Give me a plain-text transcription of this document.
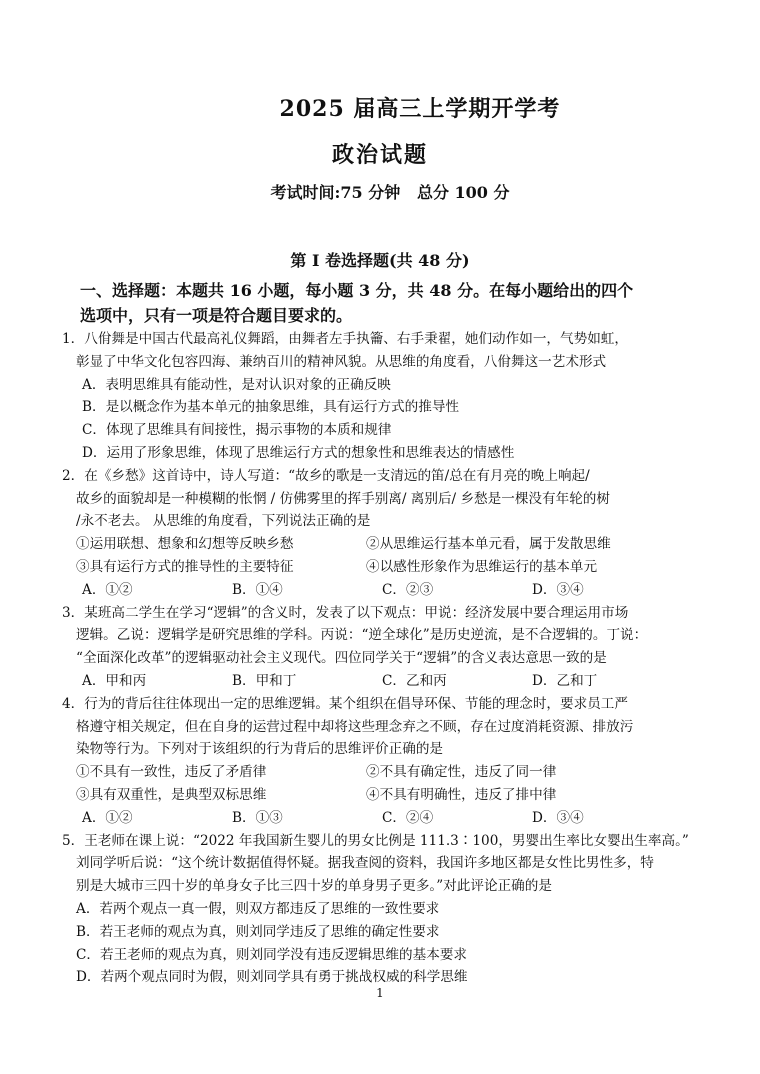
2025 届高三上学期开学考
政治试题
考试时间:75 分钟   总分 100 分
第 I 卷选择题(共 48 分)
一、选择题：本题共 16 小题，每小题 3 分，共 48 分。在每小题给出的四个
选项中，只有一项是符合题目要求的。
1．八佾舞是中国古代最高礼仪舞蹈，由舞者左手执籥、右手秉翟，她们动作如一，气势如虹，
彰显了中华文化包容四海、兼纳百川的精神风貌。从思维的角度看，八佾舞这一艺术形式
A．表明思维具有能动性，是对认识对象的正确反映
B．是以概念作为基本单元的抽象思维，具有运行方式的推导性
C．体现了思维具有间接性，揭示事物的本质和规律
D．运用了形象思维，体现了思维运行方式的想象性和思维表达的情感性
2．在《乡愁》这首诗中，诗人写道：“故乡的歌是一支清远的笛/总在有月亮的晚上响起/
故乡的面貌却是一种模糊的怅惘 / 仿佛雾里的挥手别离/ 离别后/ 乡愁是一棵没有年轮的树
/永不老去。 从思维的角度看，下列说法正确的是
①运用联想、想象和幻想等反映乡愁	②从思维运行基本单元看，属于发散思维
③具有运行方式的推导性的主要特征	④以感性形象作为思维运行的基本单元
A．①②	B．①④	C．②③	D．③④
3．某班高二学生在学习“逻辑”的含义时，发表了以下观点：甲说：经济发展中要合理运用市场
逻辑。乙说：逻辑学是研究思维的学科。丙说：“逆全球化”是历史逆流，是不合逻辑的。丁说：
“全面深化改革”的逻辑驱动社会主义现代。四位同学关于“逻辑”的含义表达意思一致的是
A．甲和丙	B．甲和丁	C．乙和丙	D．乙和丁
4．行为的背后往往体现出一定的思维逻辑。某个组织在倡导环保、节能的理念时，要求员工严
格遵守相关规定，但在自身的运营过程中却将这些理念弃之不顾，存在过度消耗资源、排放污
染物等行为。下列对于该组织的行为背后的思维评价正确的是
①不具有一致性，违反了矛盾律	②不具有确定性，违反了同一律
③具有双重性，是典型双标思维	④不具有明确性，违反了排中律
A．①②	B．①③	C．②④	D．③④
5．王老师在课上说：“2022 年我国新生婴儿的男女比例是 111.3∶100，男婴出生率比女婴出生率高。”
刘同学听后说：“这个统计数据值得怀疑。据我查阅的资料，我国许多地区都是女性比男性多，特
别是大城市三四十岁的单身女子比三四十岁的单身男子更多。”对此评论正确的是
A．若两个观点一真一假，则双方都违反了思维的一致性要求
B．若王老师的观点为真，则刘同学违反了思维的确定性要求
C．若王老师的观点为真，则刘同学没有违反逻辑思维的基本要求
D．若两个观点同时为假，则刘同学具有勇于挑战权威的科学思维
1
